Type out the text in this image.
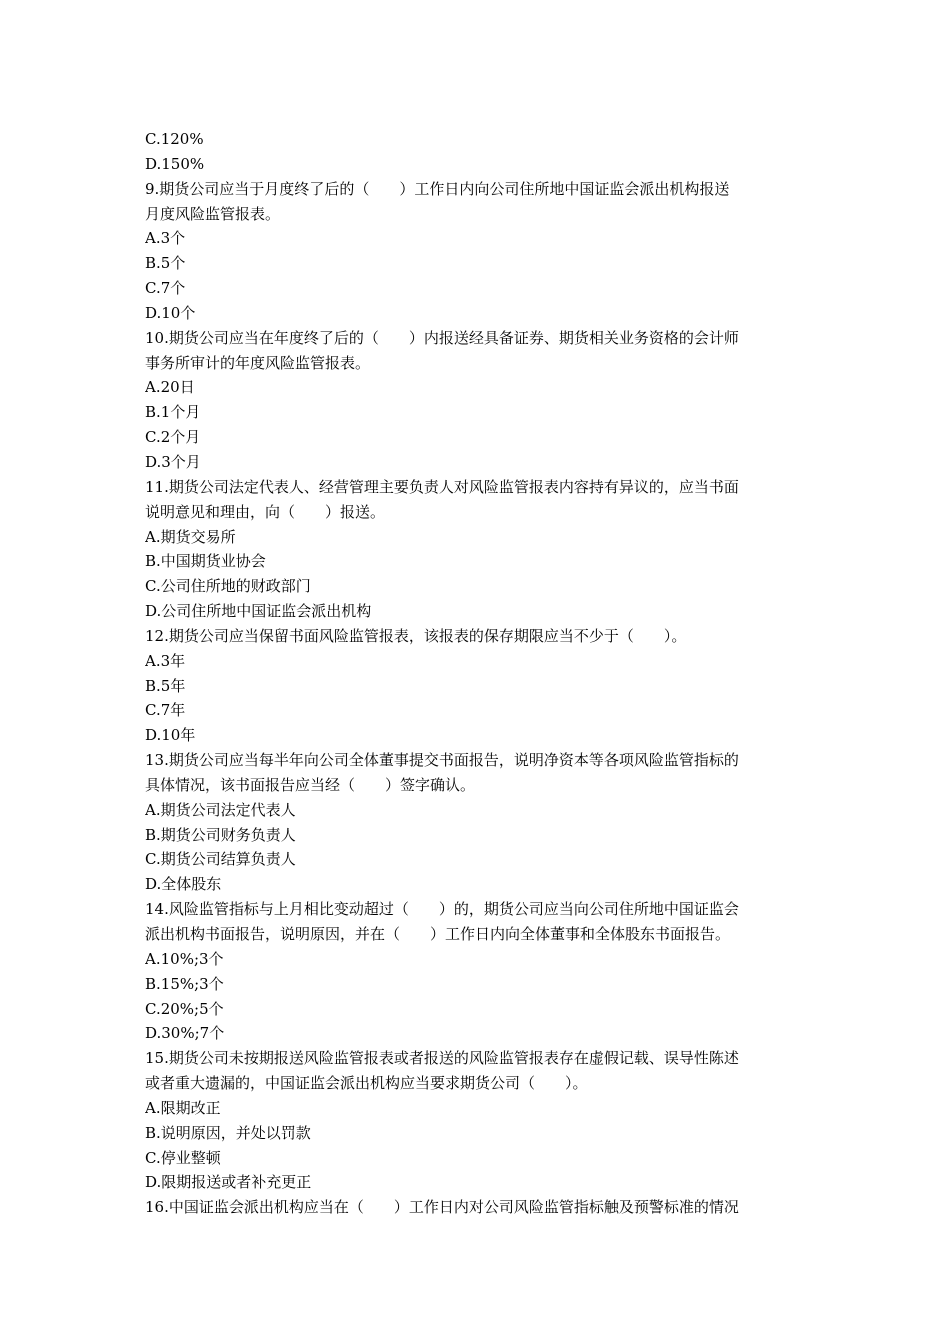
C.120%
D.150%
9.期货公司应当于月度终了后的（　　）工作日内向公司住所地中国证监会派出机构报送
月度风险监管报表。
A.3个
B.5个
C.7个
D.10个
10.期货公司应当在年度终了后的（　　）内报送经具备证券、期货相关业务资格的会计师
事务所审计的年度风险监管报表。
A.20日
B.1个月
C.2个月
D.3个月
11.期货公司法定代表人、经营管理主要负责人对风险监管报表内容持有异议的，应当书面
说明意见和理由，向（　　）报送。
A.期货交易所
B.中国期货业协会
C.公司住所地的财政部门
D.公司住所地中国证监会派出机构
12.期货公司应当保留书面风险监管报表，该报表的保存期限应当不少于（　　）。
A.3年
B.5年
C.7年
D.10年
13.期货公司应当每半年向公司全体董事提交书面报告，说明净资本等各项风险监管指标的
具体情况，该书面报告应当经（　　）签字确认。
A.期货公司法定代表人
B.期货公司财务负责人
C.期货公司结算负责人
D.全体股东
14.风险监管指标与上月相比变动超过（　　）的，期货公司应当向公司住所地中国证监会
派出机构书面报告，说明原因，并在（　　）工作日内向全体董事和全体股东书面报告。
A.10%;3个
B.15%;3个
C.20%;5个
D.30%;7个
15.期货公司未按期报送风险监管报表或者报送的风险监管报表存在虚假记载、误导性陈述
或者重大遗漏的，中国证监会派出机构应当要求期货公司（　　）。
A.限期改正
B.说明原因，并处以罚款
C.停业整顿
D.限期报送或者补充更正
16.中国证监会派出机构应当在（　　）工作日内对公司风险监管指标触及预警标准的情况
